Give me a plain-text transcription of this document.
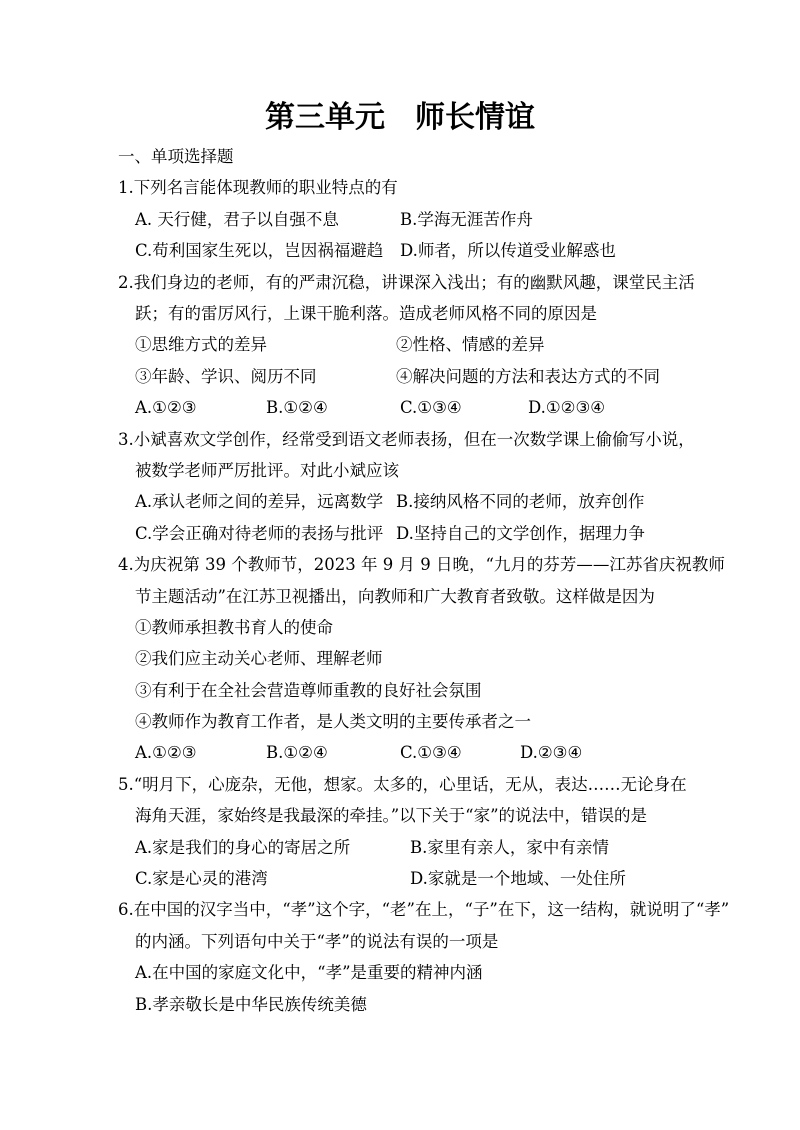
第三单元　师长情谊
一、单项选择题
1.下列名言能体现教师的职业特点的有
A. 天行健，君子以自强不息	B.学海无涯苦作舟
C.苟利国家生死以，岂因祸福避趋 D.师者，所以传道受业解惑也
2.我们身边的老师，有的严肃沉稳，讲课深入浅出；有的幽默风趣，课堂民主活
跃；有的雷厉风行，上课干脆利落。造成老师风格不同的原因是
①思维方式的差异	②性格、情感的差异
③年龄、学识、阅历不同	④解决问题的方法和表达方式的不同
A.①②③	B.①②④	C.①③④	D.①②③④
3.小斌喜欢文学创作，经常受到语文老师表扬，但在一次数学课上偷偷写小说，
被数学老师严厉批评。对此小斌应该
A.承认老师之间的差异，远离数学 B.接纳风格不同的老师，放弃创作
C.学会正确对待老师的表扬与批评 D.坚持自己的文学创作，据理力争
4.为庆祝第 39 个教师节，2023 年 9 月 9 日晚，“九月的芬芳——江苏省庆祝教师
节主题活动”在江苏卫视播出，向教师和广大教育者致敬。这样做是因为
①教师承担教书育人的使命
②我们应主动关心老师、理解老师
③有利于在全社会营造尊师重教的良好社会氛围
④教师作为教育工作者，是人类文明的主要传承者之一
A.①②③	B.①②④	C.①③④	D.②③④
5.“明月下，心庞杂，无他，想家。太多的，心里话，无从，表达……无论身在
海角天涯，家始终是我最深的牵挂。”以下关于“家”的说法中，错误的是
A.家是我们的身心的寄居之所	B.家里有亲人，家中有亲情
C.家是心灵的港湾	D.家就是一个地域、一处住所
6.在中国的汉字当中，“孝”这个字，“老”在上，“子”在下，这一结构，就说明了“孝”
的内涵。下列语句中关于“孝”的说法有误的一项是
A.在中国的家庭文化中，“孝”是重要的精神内涵
B.孝亲敬长是中华民族传统美德
